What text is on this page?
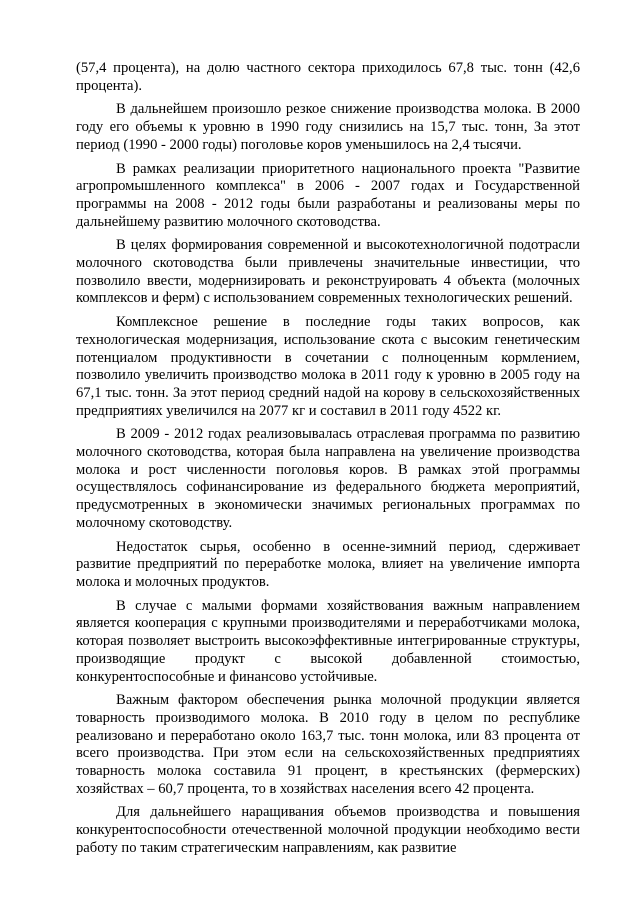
(57,4 процента), на долю частного сектора приходилось 67,8 тыс. тонн (42,6 процента).

В дальнейшем произошло резкое снижение производства молока. В 2000 году его объемы к уровню в 1990 году снизились на 15,7 тыс. тонн, За этот период (1990 - 2000 годы) поголовье коров уменьшилось на 2,4 тысячи.

В рамках реализации приоритетного национального проекта "Развитие агропромышленного комплекса" в 2006 - 2007 годах и Государственной программы на 2008 - 2012 годы были разработаны и реализованы меры по дальнейшему развитию молочного скотоводства.

В целях формирования современной и высокотехнологичной подотрасли молочного скотоводства были привлечены значительные инвестиции, что позволило ввести, модернизировать и реконструировать 4 объекта (молочных комплексов и ферм) с использованием современных технологических решений.

Комплексное решение в последние годы таких вопросов, как технологическая модернизация, использование скота с высоким генетическим потенциалом продуктивности в сочетании с полноценным кормлением, позволило увеличить производство молока в 2011 году к уровню в 2005 году на 67,1 тыс. тонн. За этот период средний надой на корову в сельскохозяйственных предприятиях увеличился на 2077 кг и составил в 2011 году 4522 кг.

В 2009 - 2012 годах реализовывалась отраслевая программа по развитию молочного скотоводства, которая была направлена на увеличение производства молока и рост численности поголовья коров. В рамках этой программы осуществлялось софинансирование из федерального бюджета мероприятий, предусмотренных в экономически значимых региональных программах по молочному скотоводству.

Недостаток сырья, особенно в осенне-зимний период, сдерживает развитие предприятий по переработке молока, влияет на увеличение импорта молока и молочных продуктов.

В случае с малыми формами хозяйствования важным направлением является кооперация с крупными производителями и переработчиками молока, которая позволяет выстроить высокоэффективные интегрированные структуры, производящие продукт с высокой добавленной стоимостью, конкурентоспособные и финансово устойчивые.

Важным фактором обеспечения рынка молочной продукции является товарность производимого молока. В 2010 году в целом по республике реализовано и переработано около 163,7 тыс. тонн молока, или 83 процента от всего производства. При этом если на сельскохозяйственных предприятиях товарность молока составила 91 процент, в крестьянских (фермерских) хозяйствах – 60,7 процента, то в хозяйствах населения всего 42 процента.

Для дальнейшего наращивания объемов производства и повышения конкурентоспособности отечественной молочной продукции необходимо вести работу по таким стратегическим направлениям, как развитие
